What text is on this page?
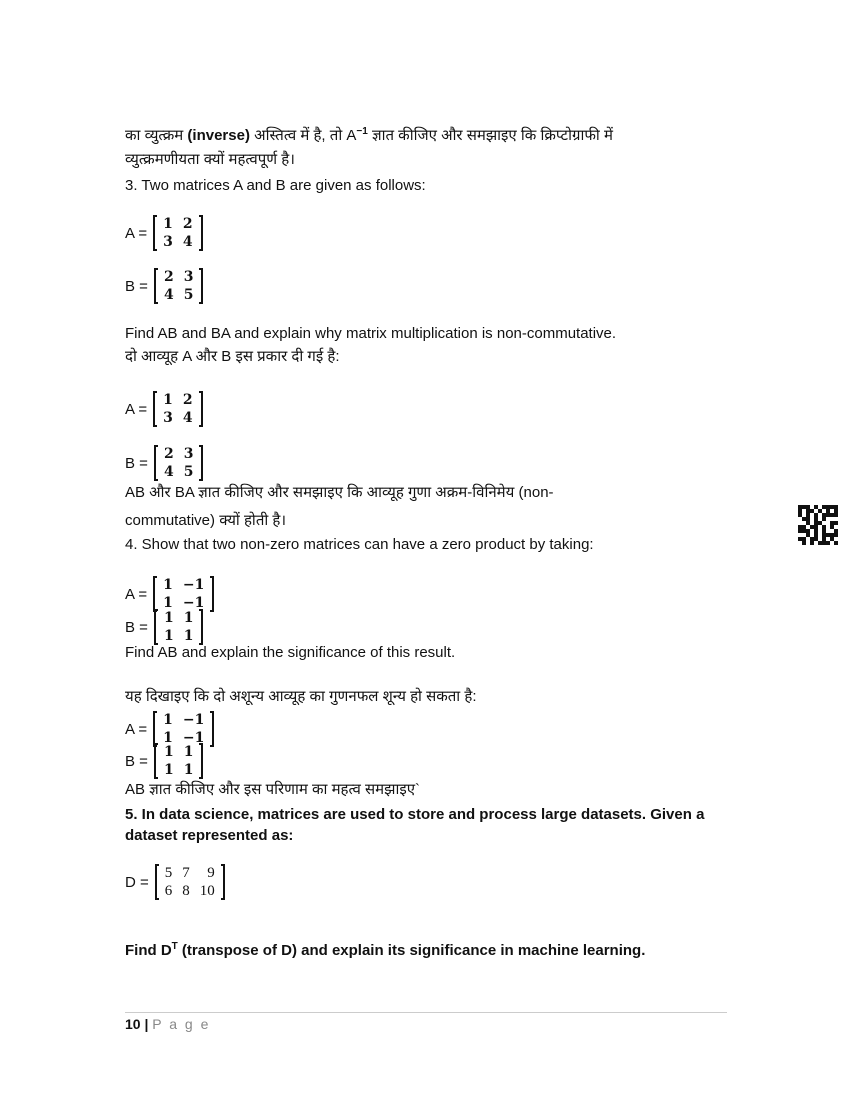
का व्युत्क्रम (inverse) अस्तित्व में है, तो $A^{-1}$ ज्ञात कीजिए और समझाइए कि क्रिप्टोग्राफी में
व्युत्क्रमणीयता क्यों महत्वपूर्ण है।
3. Two matrices A and B are given as follows:
A =
1 2
3 4
B =
2 3
4 5
Find AB and BA and explain why matrix multiplication is non-commutative.
दो आव्यूह A और B इस प्रकार दी गई है:
A =
1 2
3 4
B =
2 3
4 5
AB और BA ज्ञात कीजिए और समझाइए कि आव्यूह गुणा अक्रम-विनिमेय (non-
commutative) क्यों होती है।
4. Show that two non-zero matrices can have a zero product by taking:
A =
1 −1
1 −1
B =
1 1
1 1
Find AB and explain the significance of this result.
यह दिखाइए कि दो अशून्य आव्यूह का गुणनफल शून्य हो सकता है:
A =
1 −1
1 −1
B =
1 1
1 1
AB ज्ञात कीजिए और इस परिणाम का महत्व समझाइए`
5. In data science, matrices are used to store and process large datasets. Given a
dataset represented as:
D =
5 7	9
6 8 10
Find $D^T$ (transpose of D) and explain its significance in machine learning.
10 | P a g e
